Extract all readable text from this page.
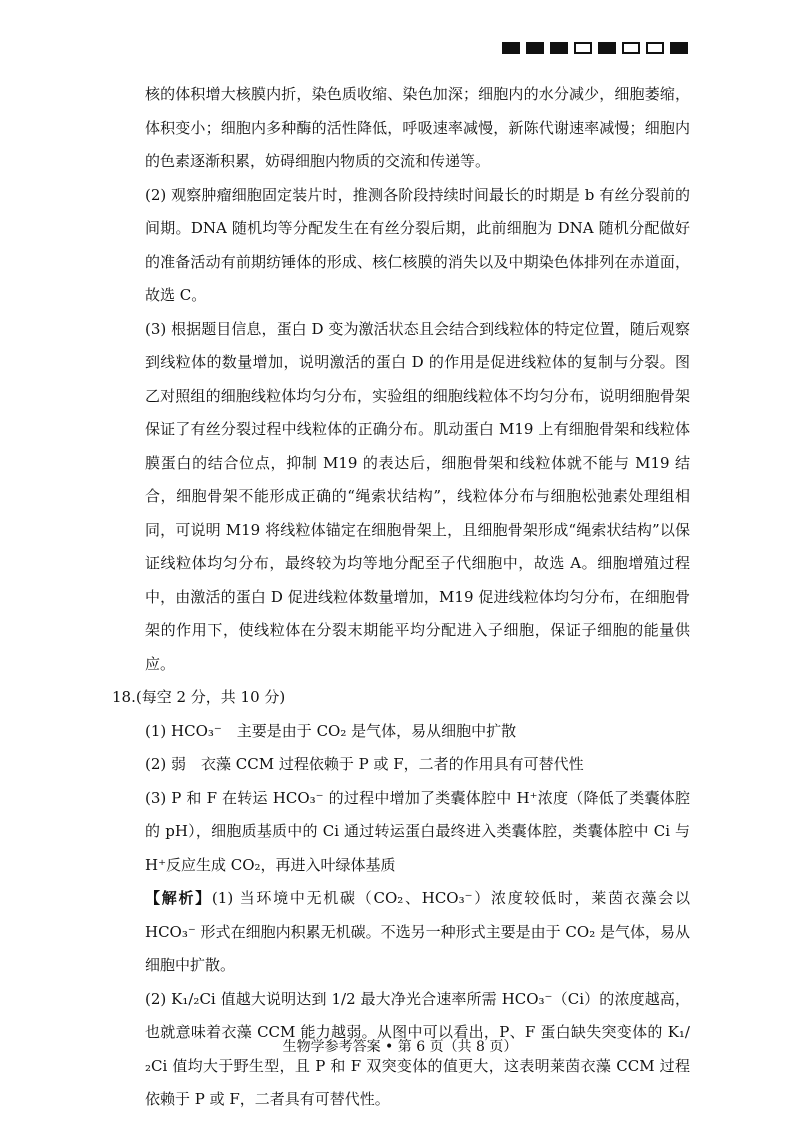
核的体积增大核膜内折，染色质收缩、染色加深；细胞内的水分减少，细胞萎缩，体积变小；细胞内多种酶的活性降低，呼吸速率减慢，新陈代谢速率减慢；细胞内的色素逐渐积累，妨碍细胞内物质的交流和传递等。

(2) 观察肿瘤细胞固定装片时，推测各阶段持续时间最长的时期是 b 有丝分裂前的间期。DNA 随机均等分配发生在有丝分裂后期，此前细胞为 DNA 随机分配做好的准备活动有前期纺锤体的形成、核仁核膜的消失以及中期染色体排列在赤道面，故选 C。

(3) 根据题目信息，蛋白 D 变为激活状态且会结合到线粒体的特定位置，随后观察到线粒体的数量增加，说明激活的蛋白 D 的作用是促进线粒体的复制与分裂。图乙对照组的细胞线粒体均匀分布，实验组的细胞线粒体不均匀分布，说明细胞骨架保证了有丝分裂过程中线粒体的正确分布。肌动蛋白 M19 上有细胞骨架和线粒体膜蛋白的结合位点，抑制 M19 的表达后，细胞骨架和线粒体就不能与 M19 结合，细胞骨架不能形成正确的“绳索状结构”，线粒体分布与细胞松弛素处理组相同，可说明 M19 将线粒体锚定在细胞骨架上，且细胞骨架形成“绳索状结构”以保证线粒体均匀分布，最终较为均等地分配至子代细胞中，故选 A。细胞增殖过程中，由激活的蛋白 D 促进线粒体数量增加，M19 促进线粒体均匀分布，在细胞骨架的作用下，使线粒体在分裂末期能平均分配进入子细胞，保证子细胞的能量供应。

18.(每空 2 分，共 10 分)

(1) HCO₃⁻　主要是由于 CO₂ 是气体，易从细胞中扩散

(2) 弱　衣藻 CCM 过程依赖于 P 或 F，二者的作用具有可替代性

(3) P 和 F 在转运 HCO₃⁻ 的过程中增加了类囊体腔中 H⁺浓度（降低了类囊体腔的 pH），细胞质基质中的 Ci 通过转运蛋白最终进入类囊体腔，类囊体腔中 Ci 与 H⁺反应生成 CO₂，再进入叶绿体基质

【解析】(1) 当环境中无机碳（CO₂、HCO₃⁻）浓度较低时，莱茵衣藻会以 HCO₃⁻ 形式在细胞内积累无机碳。不选另一种形式主要是由于 CO₂ 是气体，易从细胞中扩散。

(2) K₁/₂Ci 值越大说明达到 1/2 最大净光合速率所需 HCO₃⁻（Ci）的浓度越高，也就意味着衣藻 CCM 能力越弱。从图中可以看出，P、F 蛋白缺失突变体的 K₁/₂Ci 值均大于野生型，且 P 和 F 双突变体的值更大，这表明莱茵衣藻 CCM 过程依赖于 P 或 F，二者具有可替代性。

生物学参考答案 • 第 6 页（共 8 页）
